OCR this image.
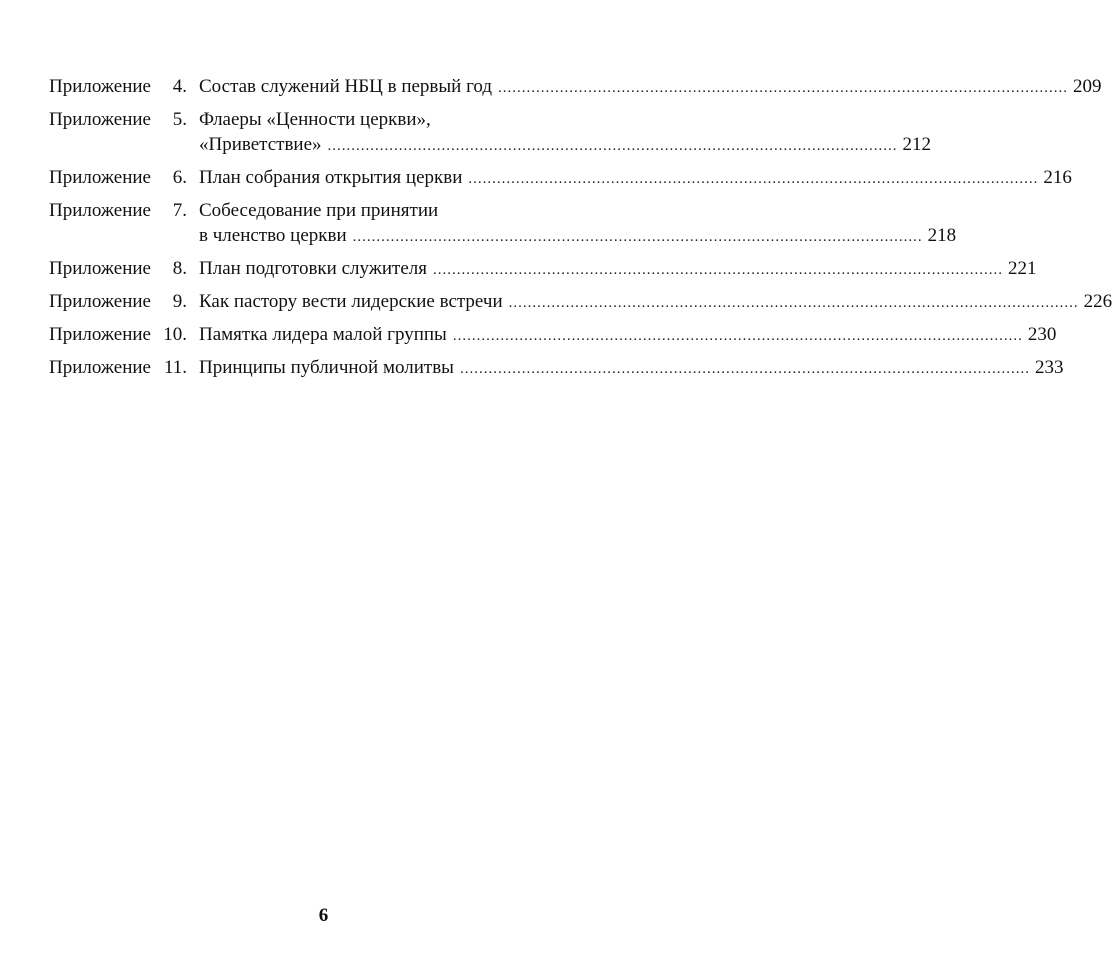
Приложение	4. Состав служений НБЦ в первый год ........................................................................................................................ 209
Приложение	5. Флаеры «Ценности церкви»,
«Приветствие» ........................................................................................................................ 212
Приложение	6. План собрания открытия церкви ........................................................................................................................ 216
Приложение	7. Собеседование при принятии
в членство церкви ........................................................................................................................ 218
Приложение	8. План подготовки служителя ........................................................................................................................ 221
Приложение	9. Как пастору вести лидерские встречи ........................................................................................................................ 226
Приложение 10. Памятка лидера малой группы ........................................................................................................................ 230
Приложение 11. Принципы публичной молитвы ........................................................................................................................ 233
6
